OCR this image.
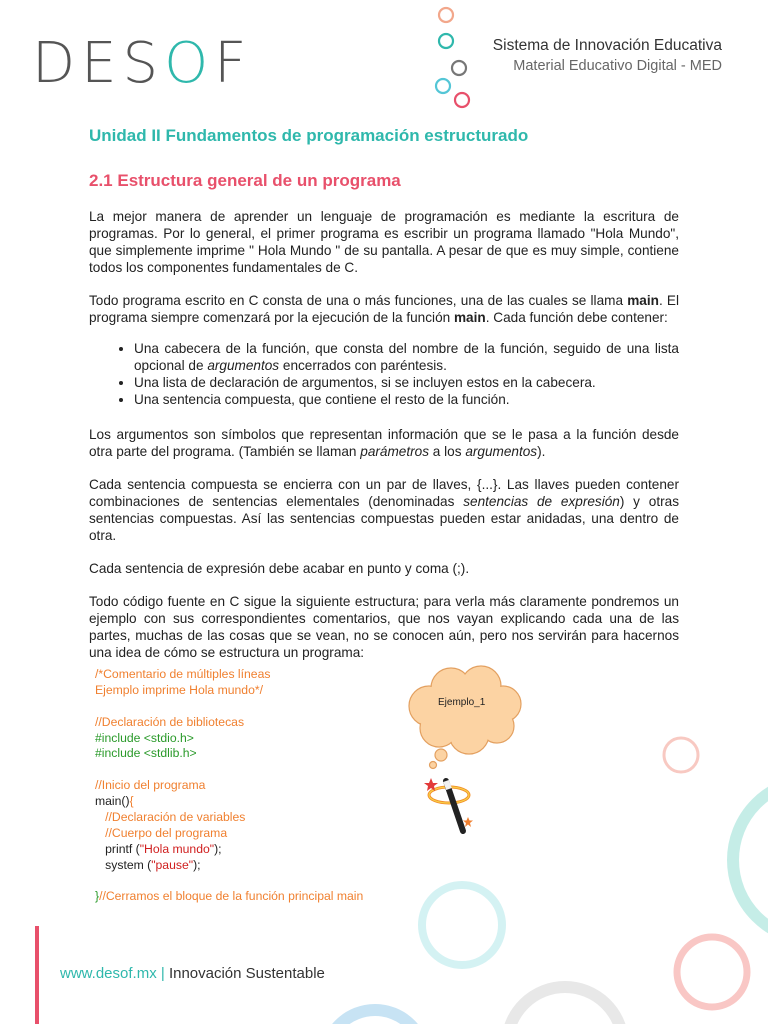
DESOF	Sistema de Innovación Educativa
Material Educativo Digital - MED
Unidad II Fundamentos de programación estructurado
2.1 Estructura general de un programa

La mejor manera de aprender un lenguaje de programación es mediante la escritura de programas. Por lo general, el primer programa es escribir un programa llamado "Hola Mundo", que simplemente imprime " Hola Mundo " de su pantalla. A pesar de que es muy simple, contiene todos los componentes fundamentales de C.

Todo programa escrito en C consta de una o más funciones, una de las cuales se llama main. El programa siempre comenzará por la ejecución de la función main. Cada función debe contener:

• Una cabecera de la función, que consta del nombre de la función, seguido de una lista opcional de argumentos encerrados con paréntesis.
• Una lista de declaración de argumentos, si se incluyen estos en la cabecera.
• Una sentencia compuesta, que contiene el resto de la función.

Los argumentos son símbolos que representan información que se le pasa a la función desde otra parte del programa. (También se llaman parámetros a los argumentos).

Cada sentencia compuesta se encierra con un par de llaves, {...}. Las llaves pueden contener combinaciones de sentencias elementales (denominadas sentencias de expresión) y otras sentencias compuestas. Así las sentencias compuestas pueden estar anidadas, una dentro de otra.

Cada sentencia de expresión debe acabar en punto y coma (;).

Todo código fuente en C sigue la siguiente estructura; para verla más claramente pondremos un ejemplo con sus correspondientes comentarios, que nos vayan explicando cada una de las partes, muchas de las cosas que se vean, no se conocen aún, pero nos servirán para hacernos una idea de cómo se estructura un programa:

/*Comentario de múltiples líneas
Ejemplo imprime Hola mundo*/
//Declaración de bibliotecas
#include <stdio.h>
#include <stdlib.h>
//Inicio del programa
main(){
//Declaración de variables
//Cuerpo del programa
printf ("Hola mundo");
system ("pause");
}//Cerramos el bloque de la función principal main
Ejemplo_1
www.desof.mx | Innovación Sustentable
